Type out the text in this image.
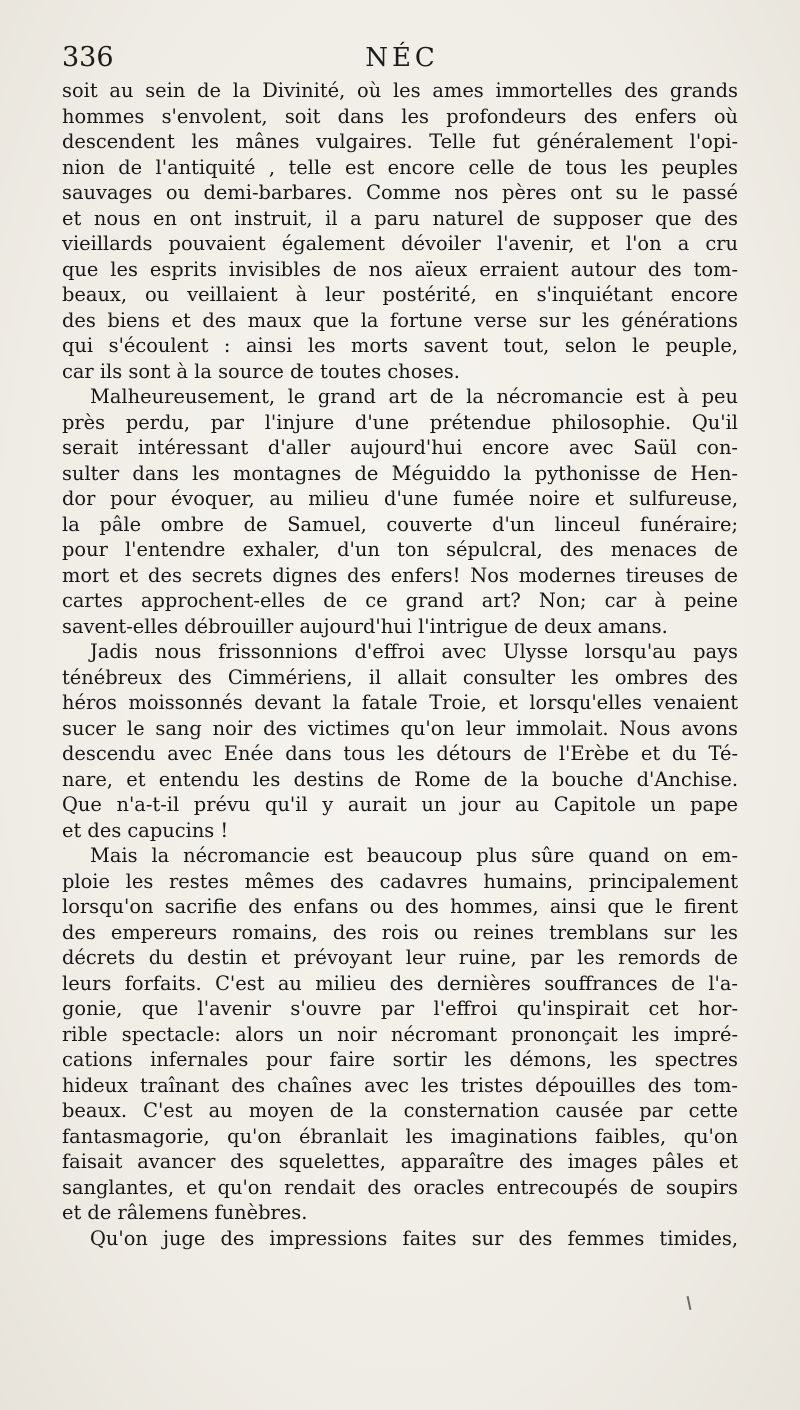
336	NÉC
soit au sein de la Divinité, où les ames immortelles des grands
hommes s'envolent, soit dans les profondeurs des enfers où
descendent les mânes vulgaires. Telle fut généralement l'opi-
nion de l'antiquité , telle est encore celle de tous les peuples
sauvages ou demi-barbares. Comme nos pères ont su le passé
et nous en ont instruit, il a paru naturel de supposer que des
vieillards pouvaient également dévoiler l'avenir, et l'on a cru
que les esprits invisibles de nos aïeux erraient autour des tom-
beaux, ou veillaient à leur postérité, en s'inquiétant encore
des biens et des maux que la fortune verse sur les générations
qui s'écoulent : ainsi les morts savent tout, selon le peuple,
car ils sont à la source de toutes choses.
Malheureusement, le grand art de la nécromancie est à peu
près perdu, par l'injure d'une prétendue philosophie. Qu'il
serait intéressant d'aller aujourd'hui encore avec Saül con-
sulter dans les montagnes de Méguiddo la pythonisse de Hen-
dor pour évoquer, au milieu d'une fumée noire et sulfureuse,
la pâle ombre de Samuel, couverte d'un linceul funéraire;
pour l'entendre exhaler, d'un ton sépulcral, des menaces de
mort et des secrets dignes des enfers! Nos modernes tireuses de
cartes approchent-elles de ce grand art? Non; car à peine
savent-elles débrouiller aujourd'hui l'intrigue de deux amans.
Jadis nous frissonnions d'effroi avec Ulysse lorsqu'au pays
ténébreux des Cimmériens, il allait consulter les ombres des
héros moissonnés devant la fatale Troie, et lorsqu'elles venaient
sucer le sang noir des victimes qu'on leur immolait. Nous avons
descendu avec Enée dans tous les détours de l'Erèbe et du Té-
nare, et entendu les destins de Rome de la bouche d'Anchise.
Que n'a-t-il prévu qu'il y aurait un jour au Capitole un pape
et des capucins !
Mais la nécromancie est beaucoup plus sûre quand on em-
ploie les restes mêmes des cadavres humains, principalement
lorsqu'on sacrifie des enfans ou des hommes, ainsi que le firent
des empereurs romains, des rois ou reines tremblans sur les
décrets du destin et prévoyant leur ruine, par les remords de
leurs forfaits. C'est au milieu des dernières souffrances de l'a-
gonie, que l'avenir s'ouvre par l'effroi qu'inspirait cet hor-
rible spectacle: alors un noir nécromant prononçait les impré-
cations infernales pour faire sortir les démons, les spectres
hideux traînant des chaînes avec les tristes dépouilles des tom-
beaux. C'est au moyen de la consternation causée par cette
fantasmagorie, qu'on ébranlait les imaginations faibles, qu'on
faisait avancer des squelettes, apparaître des images pâles et
sanglantes, et qu'on rendait des oracles entrecoupés de soupirs
et de râlemens funèbres.
Qu'on juge des impressions faites sur des femmes timides,
